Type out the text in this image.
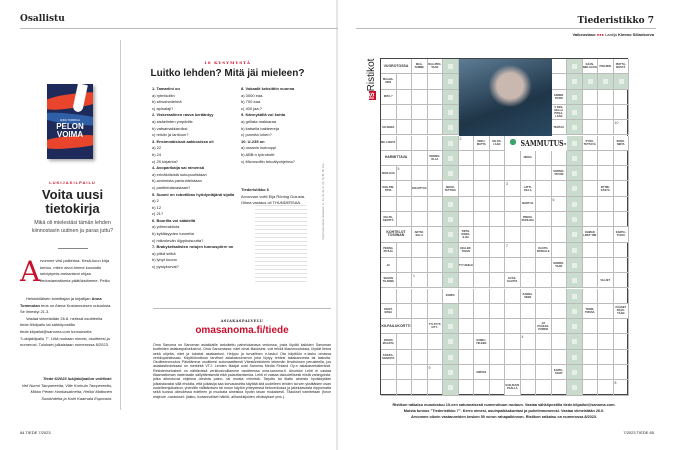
Osallistu
ANNA TOMMOLA
PELON VOIMA
LUKIJAKILPAILU
Voita uusi tietokirja
Mikä oli mielestäsi tämän lehden kiinnostavin uutinen ja paras juttu?
A rvomme viisi palkintoa. Kesä-kuun kirja kertoo, miten aivoi-hinme koodattu selviytymis-mekanismi ohjaa tiedostamattomia päätöksiämme. Pelko
Helsinkiläisen toimittajan ja kirjailijan Anna Tommolan teos on Atena Kustannuksen uutuuksia. Se ilmestyi 21.3.
Vastaa viimeistään 26.6. netissä osoitteella tiede.fi/kilpailu tai sähköpostilla tiede.kilpailut@sanoma.com tunnuksella "Lukijakilpailu 7". Liitä mukaan nimesi, osoitteesi ja numerosi. Tulokset julkaistaan numerossa 8/2023.
Tiede 6/2023 lukijakilpailun voittivat:
Veli Nurmi Tampereelta, Ville Korhula Tampereelta, Mikko Pentin Hankasalmelta, Heikki Mattonen Suolahdelta ja Katri Kaarnala Espoosta.
64 TIEDE 7/2023
10 KYSYMYSTÄ
Luitko lehden? Mitä jäi mieleen?
1. Tamariini on
a) rytmisoitin
b) sitrushedelmä
c) apinalaji?
2. Viskeraalinen rasva kerääntyy
a) sisäelinten ympärille
b) vatsamakkaroiksi
c) reisiin ja lantioon?
3. Ensimmäisissä aakkosissa oli
a) 22
b) 24
c) 29 kirjainta?
4. Avoparikaija sai nimensä
a) erinäköisistä sukupuolistaan
b) avoimista parisuhteistaan
c) parittelutavastaan?
5. Suomi on robotiikan hyödyntäjänä sijalla
a) 2
b) 12
c) 21?
6. Boorilla voi säädellä
a) ydinreaktiota
b) kylläisyyden tunnetta
c) mikrolevän öljypitoisuutta?
7. Brakykefaalisten rotujen tunnuspiirre on
a) pitkä selkä
b) lyhyt kuono
c) pystykorvat?
8. Vokaalit keksittiin vuonna
a) 3000 eaa.
b) 700 eaa.
c) 400 jaa.?
9. Kännykällä voi kohta
a) grillata makkaraa
b) katsella bakteereja
c) punnita lohen?
10. U-235 on
a) uraanin isotooppi
b) ABB:n työrobotti
c) Microsoftin tekoälyohjelma?
Tiederistikko 6
Arvonnan voitti Eija Röning Oulusta. Oikea vastaus oli THUNDERSAA.	Kysymysten oikeat vastaukset: 1c, 2a, 3a, 4a, 5c, 6a, 7b, 8b, 9b, 10a
ASIAKASPALVELU
omasanoma.fi/tiede
Oma Sanoma on Sanoman asiakkaille tarkoitettu palvelukanava verkossa, josta löydät kaikkien Sanoman tuotteiden asiakaspalvelusivut. Oma Sanomassa: näet omat tilauksesi, voit tehdä tilausmuutoksia, löydät tietoa sekä ohjeita, näet ja tulostat asiakaetusi. Helppo ja turvallinen e-lasku! Ota käyttöön e-lasku omassa verkkopankissasi. Käyttöönottoon tarvitset asiakasnumeron joka löytyy lehtesi takakannesta tai laskulta. Osoitteenmuutos Päivitämme osoitteesi automaattisesti Väestörekisterin tekemän ilmoituksen perusteella, jos asiakastiedoissasi on merkintä VTJ. Lehden tilaajat ovat Sanoma Media Finland Oy:n asiakasrekisterissä. Rekisteriselosteet on nähtävissä verkkosivuillamme osoitteessa oma.sanoma.fi. Ainoistot Lehti ei vastaa tilaamattoman materiaalin säilyttämisestä eikä palauttamisesta. Lehti ei vastaa taloudellisesti niistä vahingoista, jotka aiheutuvat ohjeissa olevista paino- tai muista virheistä. Tarjottu tai tilattu aineisto hyväksytään julkaistavaksi sillä ehdolla, että julkaisija saa korvauksetta käyttää sitä uudelleen lehden tai sen yksittäisen osan uudelleenjulkaisun, yhenölle välittämisen tai muun käytön yhteydessä tietoverkossa ja jakelutavasta riippumatta sekä tuossa olleudessa edelleen ja muokata aineistoa hyvän tavan mukaisesti. Tilaukset toimitetaan (force majeure -varaukset: (lakko, tuotannolliset häiriöt, alihankkijoiden viivästykset yms.).
Tiederistikko 7
Vaikeustaso ●●● Laatija Kimmo Sillankorva
ISRistikot	VUOROTOSSA	MAA-TAMME
RAA-PRO-TAAN
KÄÄN-NEK-SÄÄN	POHJIEN	PEITTÄ-MÄSTÄ
MAAHA-NEN
MITÄ-?	ENNEN TUORI
V KES-KELLÄ PITKÄ-LÄÄN
SO-NORA	TERÄVÄ
MU-LOISTA	URKU-MATTA
VALOS-LAAN
PYÖH-TETTÄVÄ
KOKE-NEITA
HARMITTAVA	MONSO-OLLA	NOKIA
SIIVE-KÄS	SORSIO-TATURI
SOLSITTUA	SEKOI-TETTAVA
LATTI-OILLA
RYTMI-KÄSTÄ
KOH-DIS-TIPIA
MARTUA
PINKKI-PAPE-RIA
KELPA-KENTTÄ
KOHTELOT TOSIINAN
AKTIVI-SILLA
TIETO-KIRJO-ILIJA
OHMAN LIPET-TIIN
KARPA-TUKKI
PERÄN-PITÄJÄ
KELLER-TAVAN
KAUTO-PAINALLE
JA	PYY-SEELE	MARRO-TAAN
SEIVAN TILANNE
EVÄS-KAATTA	VALJET
KONFA	KANNA-SEEN
OSOIT-SISSA
TOSIN-TOISSA
PÄÄSET PÄÄS-TÄÄN
KILPAILUKORTTI	TYLSYYS CITY-
1/4 PÄÄKAS-PUMPIA
JOKOS MAASTA
SURKU-TELEEN
TAIKKA-SANASTA
AMPIAS	KAPEL-TAVAT
SAR-SUUN PÄÄLLÄ
SAMMUTUS-
1
2
3
4
5
6
7
8
9
10
Ristikon ratkaisu muodostuu 10-een satunnaisesti numeroituun ruutuun. Vastaa sähköpostilla tiede.kilpailut@sanoma.com.
Muista tunnus "Tiederistikko 7". Kerro nimesi, asuinpaikkakuntasi ja puhelinnumerosi. Vastaa viimeistään 26.6.
Arvomme oikein vastanneiden kesken 50 euron rahapalkinnon. Ristikon ratkaisu on numerossa 8/2023.
7/2023 TIEDE 65
